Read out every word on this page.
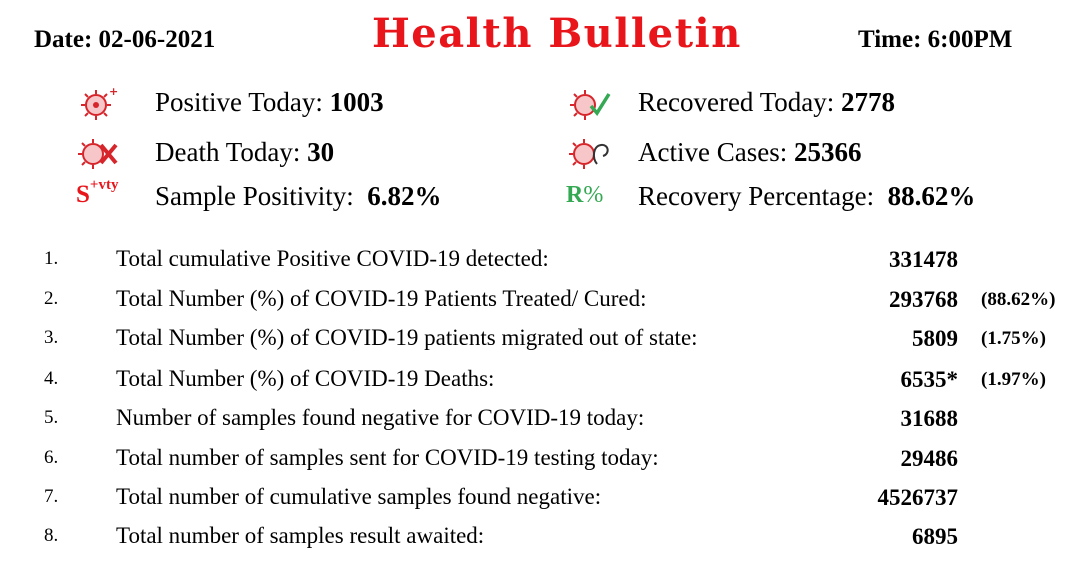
Date: 02-06-2021	Health Bulletin	Time: 6:00PM
+
$S^{+vty}$	R%
Positive Today: 1003	Recovered Today: 2778
Death Today: 30	Active Cases: 25366
Sample Positivity: 6.82%	Recovery Percentage: 88.62%
1.	Total cumulative Positive COVID-19 detected:	331478
2.	Total Number (%) of COVID-19 Patients Treated/ Cured:	293768 (88.62%)
3.	Total Number (%) of COVID-19 patients migrated out of state:	5809 (1.75%)
4.	Total Number (%) of COVID-19 Deaths:	6535* (1.97%)
5.	Number of samples found negative for COVID-19 today:	31688
6.	Total number of samples sent for COVID-19 testing today:	29486
7.	Total number of cumulative samples found negative:	4526737
8.	Total number of samples result awaited:	6895
